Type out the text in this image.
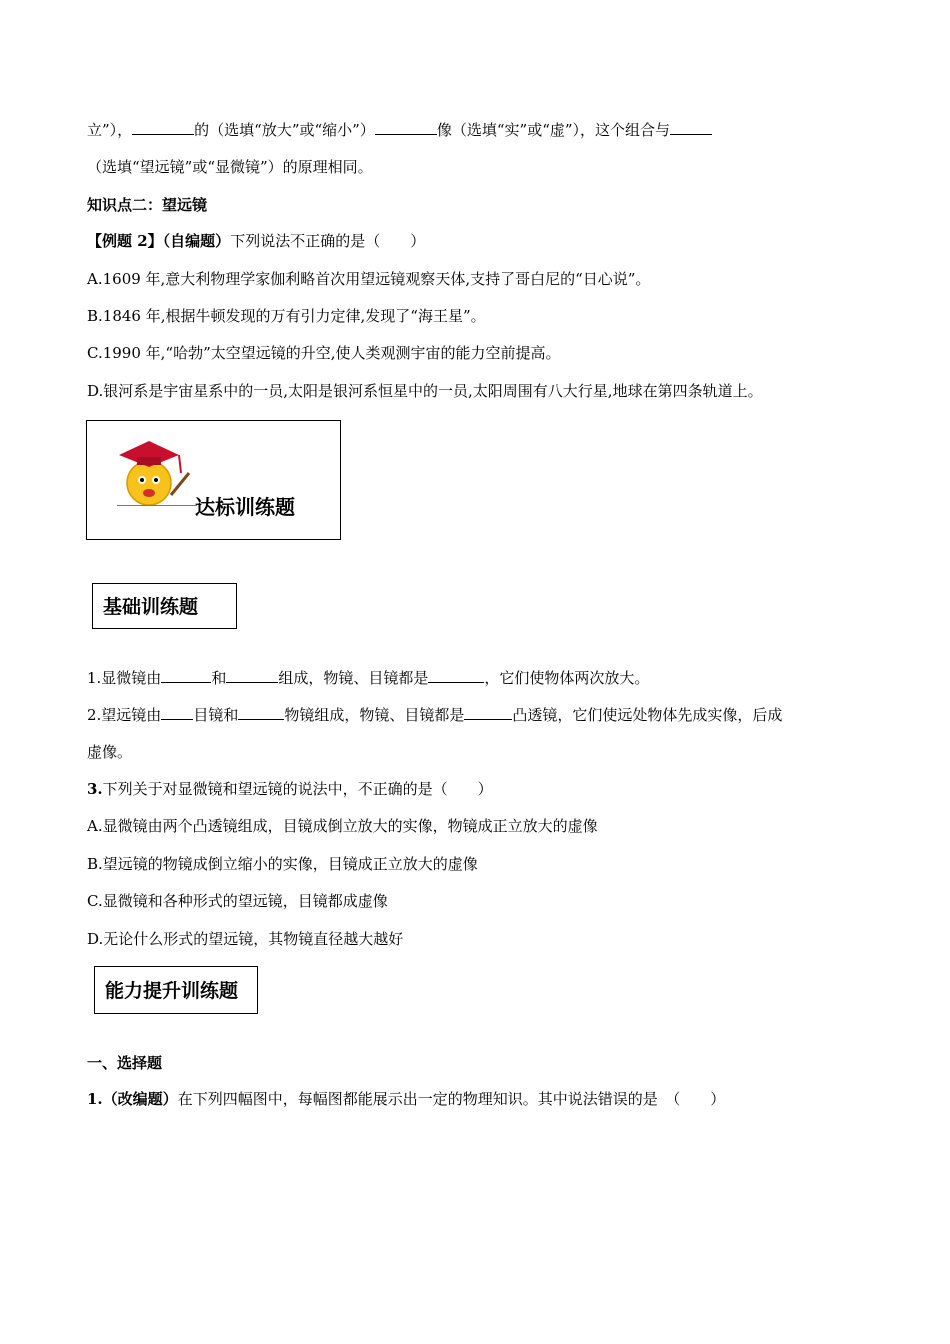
立”），	的（选填“放大”或“缩小”）	像（选填“实”或“虚”），这个组合与
（选填“望远镜”或“显微镜”）的原理相同。
知识点二：望远镜
【例题 2】（自编题）下列说法不正确的是（　　）
A.1609 年,意大利物理学家伽利略首次用望远镜观察天体,支持了哥白尼的“日心说”。
B.1846 年,根据牛顿发现的万有引力定律,发现了“海王星”。
C.1990 年,“哈勃”太空望远镜的升空,使人类观测宇宙的能力空前提高。
D.银河系是宇宙星系中的一员,太阳是银河系恒星中的一员,太阳周围有八大行星,地球在第四条轨道上。
达标训练题
基础训练题
1.显微镜由	和	组成，物镜、目镜都是	，它们使物体两次放大。
2.望远镜由 目镜和	物镜组成，物镜、目镜都是	凸透镜，它们使远处物体先成实像，后成
虚像。
3.下列关于对显微镜和望远镜的说法中，不正确的是（　　）
A.显微镜由两个凸透镜组成，目镜成倒立放大的实像，物镜成正立放大的虚像
B.望远镜的物镜成倒立缩小的实像，目镜成正立放大的虚像
C.显微镜和各种形式的望远镜，目镜都成虚像
D.无论什么形式的望远镜，其物镜直径越大越好
能力提升训练题
一、选择题
1.（改编题）在下列四幅图中，每幅图都能展示出一定的物理知识。其中说法错误的是　（　　）
